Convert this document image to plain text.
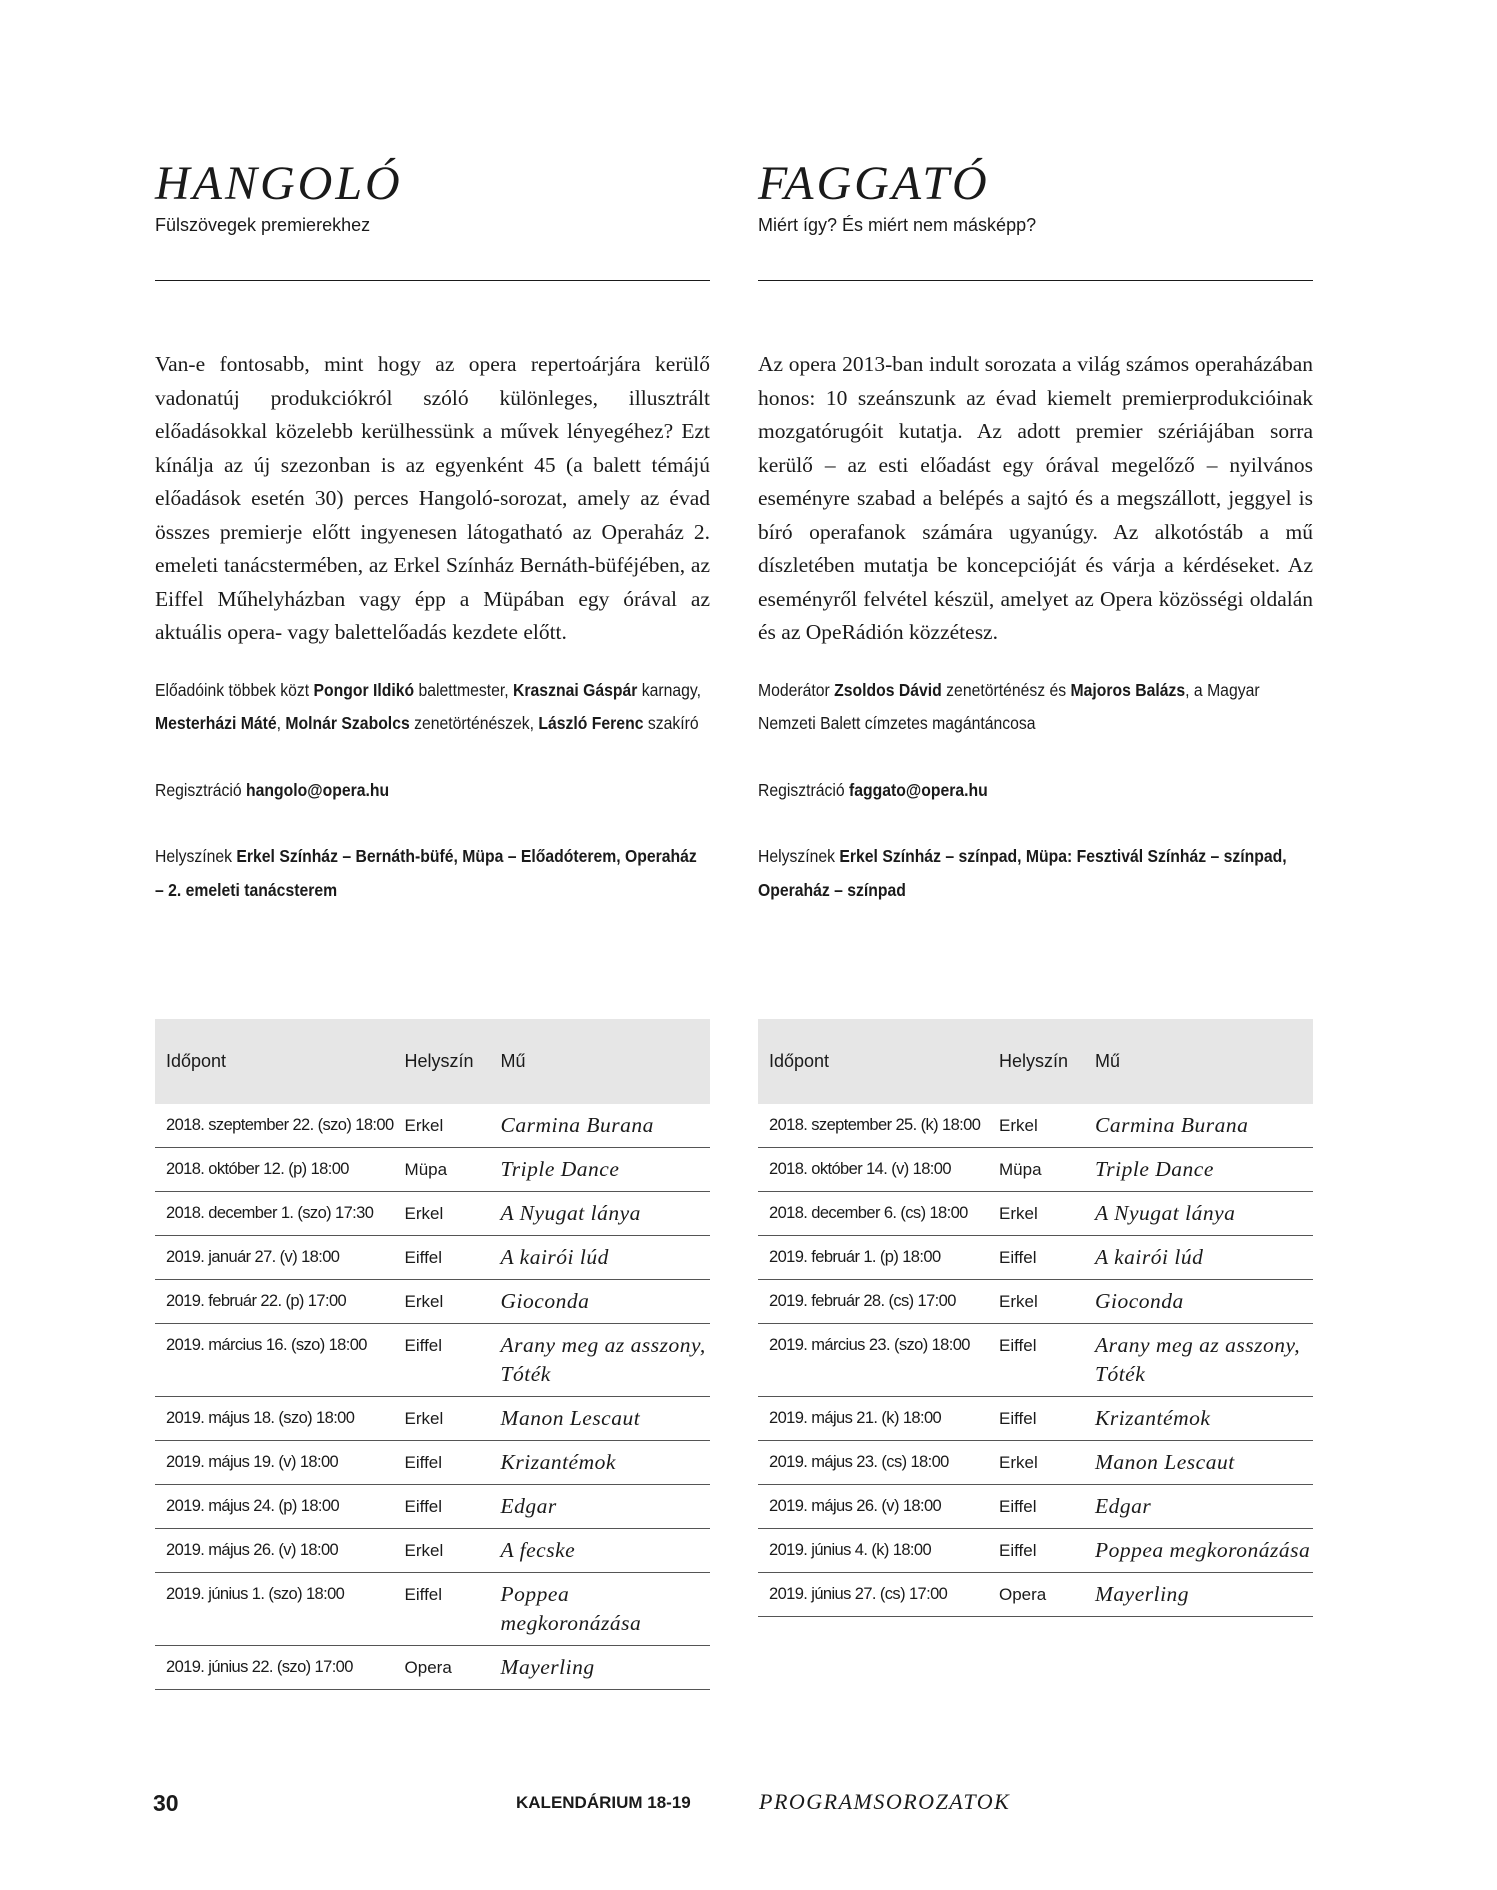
HANGOLÓ
Fülszövegek premierekhez

Van-e fontosabb, mint hogy az opera repertoárjára kerülő vadonatúj produkciókról szóló különleges, illusztrált előadásokkal közelebb kerülhessünk a művek lényegéhez? Ezt kínálja az új szezonban is az egyenként 45 (a balett témájú előadások esetén 30) perces Hangoló-sorozat, amely az évad összes premierje előtt ingyenesen látogatható az Operaház 2. emeleti tanácstermében, az Erkel Színház Bernáth-büféjében, az Eiffel Műhelyházban vagy épp a Müpában egy órával az aktuális opera- vagy balettelőadás kezdete előtt.

Előadóink többek közt Pongor Ildikó balettmester, Krasznai Gáspár karnagy, Mesterházi Máté, Molnár Szabolcs zenetörténészek, László Ferenc szakíró
Regisztráció hangolo@opera.hu
Helyszínek Erkel Színház – Bernáth-büfé, Müpa – Előadóterem, Operaház – 2. emeleti tanácsterem
FAGGATÓ
Miért így? És miért nem másképp?

Az opera 2013-ban indult sorozata a világ számos operaházában honos: 10 szeánszunk az évad kiemelt premierprodukcióinak mozgatórugóit kutatja. Az adott premier szériájában sorra kerülő – az esti előadást egy órával megelőző – nyilvános eseményre szabad a belépés a sajtó és a megszállott, jeggyel is bíró operafanok számára ugyanúgy. Az alkotóstáb a mű díszletében mutatja be koncepcióját és várja a kérdéseket. Az eseményről felvétel készül, amelyet az Opera közösségi oldalán és az OpeRádión közzétesz.

Moderátor Zsoldos Dávid zenetörténész és Majoros Balázs, a Magyar Nemzeti Balett címzetes magántáncosa
Regisztráció faggato@opera.hu
Helyszínek Erkel Színház – színpad, Müpa: Fesztivál Színház – színpad, Operaház – színpad
Időpont	Helyszín	Mű
2018. szeptember 22. (szo) 18:00	Erkel	Carmina Burana
2018. október 12. (p) 18:00	Müpa	Triple Dance
2018. december 1. (szo) 17:30	Erkel	A Nyugat lánya
2019. január 27. (v) 18:00	Eiffel	A kairói lúd
2019. február 22. (p) 17:00	Erkel	Gioconda
2019. március 16. (szo) 18:00	Eiffel	Arany meg az asszony, Tóték
2019. május 18. (szo) 18:00	Erkel	Manon Lescaut
2019. május 19. (v) 18:00	Eiffel	Krizantémok
2019. május 24. (p) 18:00	Eiffel	Edgar
2019. május 26. (v) 18:00	Erkel	A fecske
2019. június 1. (szo) 18:00	Eiffel	Poppea megkoronázása
2019. június 22. (szo) 17:00	Opera	Mayerling
Időpont	Helyszín	Mű
2018. szeptember 25. (k) 18:00	Erkel	Carmina Burana
2018. október 14. (v) 18:00	Müpa	Triple Dance
2018. december 6. (cs) 18:00	Erkel	A Nyugat lánya
2019. február 1. (p) 18:00	Eiffel	A kairói lúd
2019. február 28. (cs) 17:00	Erkel	Gioconda
2019. március 23. (szo) 18:00	Eiffel	Arany meg az asszony, Tóték
2019. május 21. (k) 18:00	Eiffel	Krizantémok
2019. május 23. (cs) 18:00	Erkel	Manon Lescaut
2019. május 26. (v) 18:00	Eiffel	Edgar
2019. június 4. (k) 18:00	Eiffel	Poppea megkoronázása
2019. június 27. (cs) 17:00	Opera	Mayerling
30	KALENDÁRIUM 18-19	PROGRAMSOROZATOK
